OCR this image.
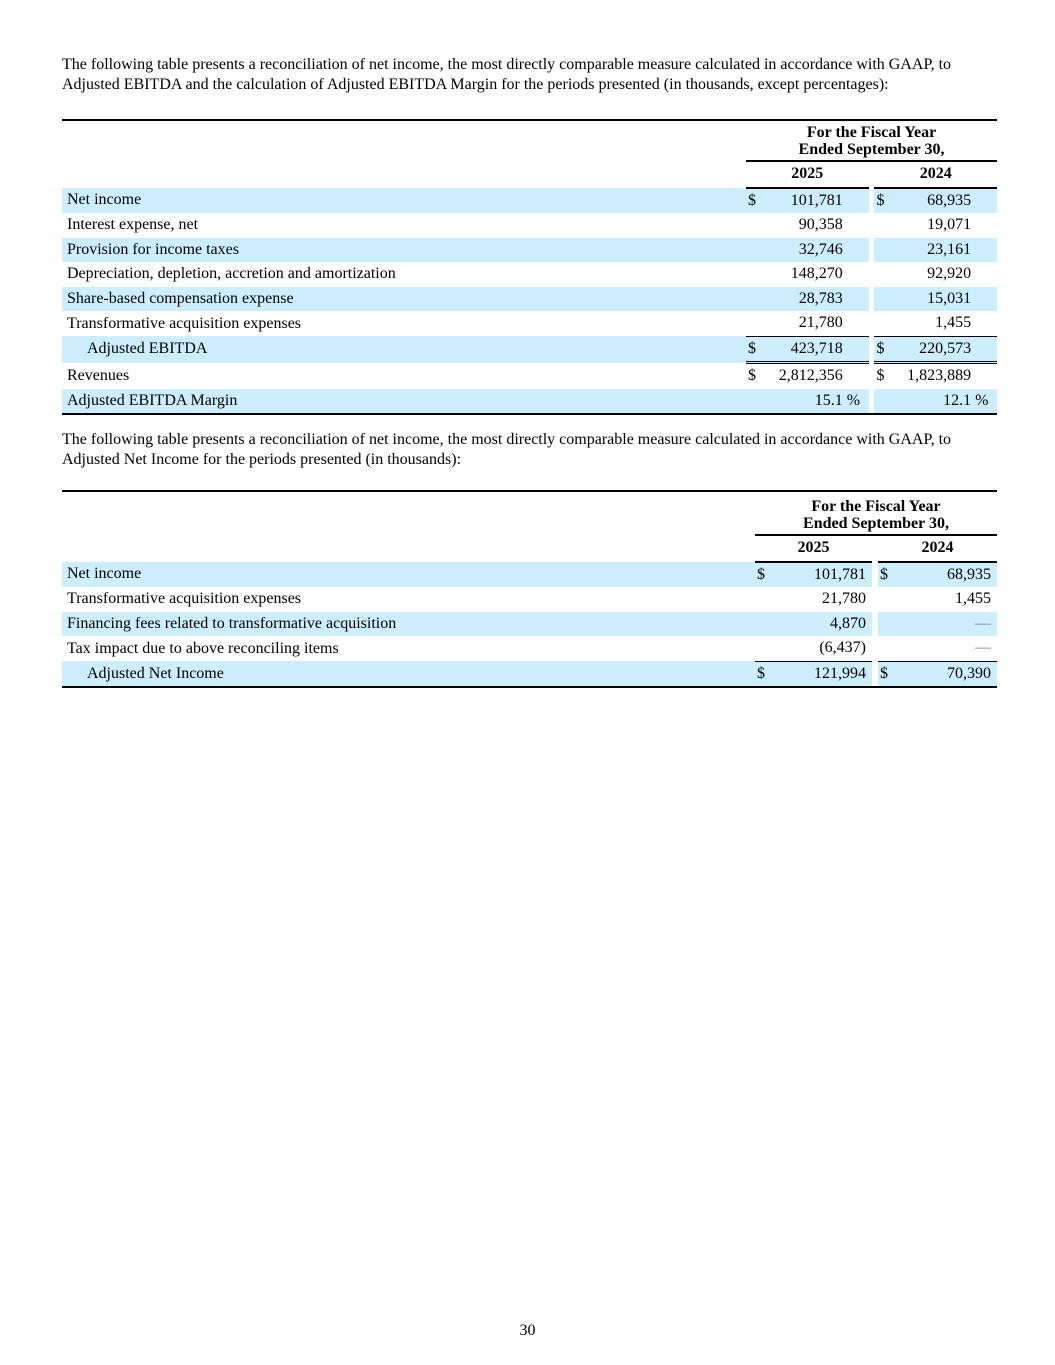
The following table presents a reconciliation of net income, the most directly comparable measure calculated in accordance with GAAP, to Adjusted EBITDA and the calculation of Adjusted EBITDA Margin for the periods presented (in thousands, except percentages):

	For the Fiscal Year
Ended September 30,						

	2025				2024		
Net income	$	101,781			$	68,935	
Interest expense, net		90,358				19,071	
Provision for income taxes		32,746				23,161	
Depreciation, depletion, accretion and amortization		148,270				92,920	
Share-based compensation expense		28,783				15,031	
Transformative acquisition expenses		21,780				1,455	
Adjusted EBITDA	$	423,718			$	220,573	
Revenues	$	2,812,356			$	1,823,889	
Adjusted EBITDA Margin		15.1	%			12.1	%

The following table presents a reconciliation of net income, the most directly comparable measure calculated in accordance with GAAP, to Adjusted Net Income for the periods presented (in thousands):

	For the Fiscal Year
Ended September 30,						

	2025				2024		
Net income	$	101,781			$	68,935	
Transformative acquisition expenses		21,780				1,455	
Financing fees related to transformative acquisition		4,870				—	
Tax impact due to above reconciling items		(6,437)				—	
Adjusted Net Income	$	121,994			$	70,390	
30
